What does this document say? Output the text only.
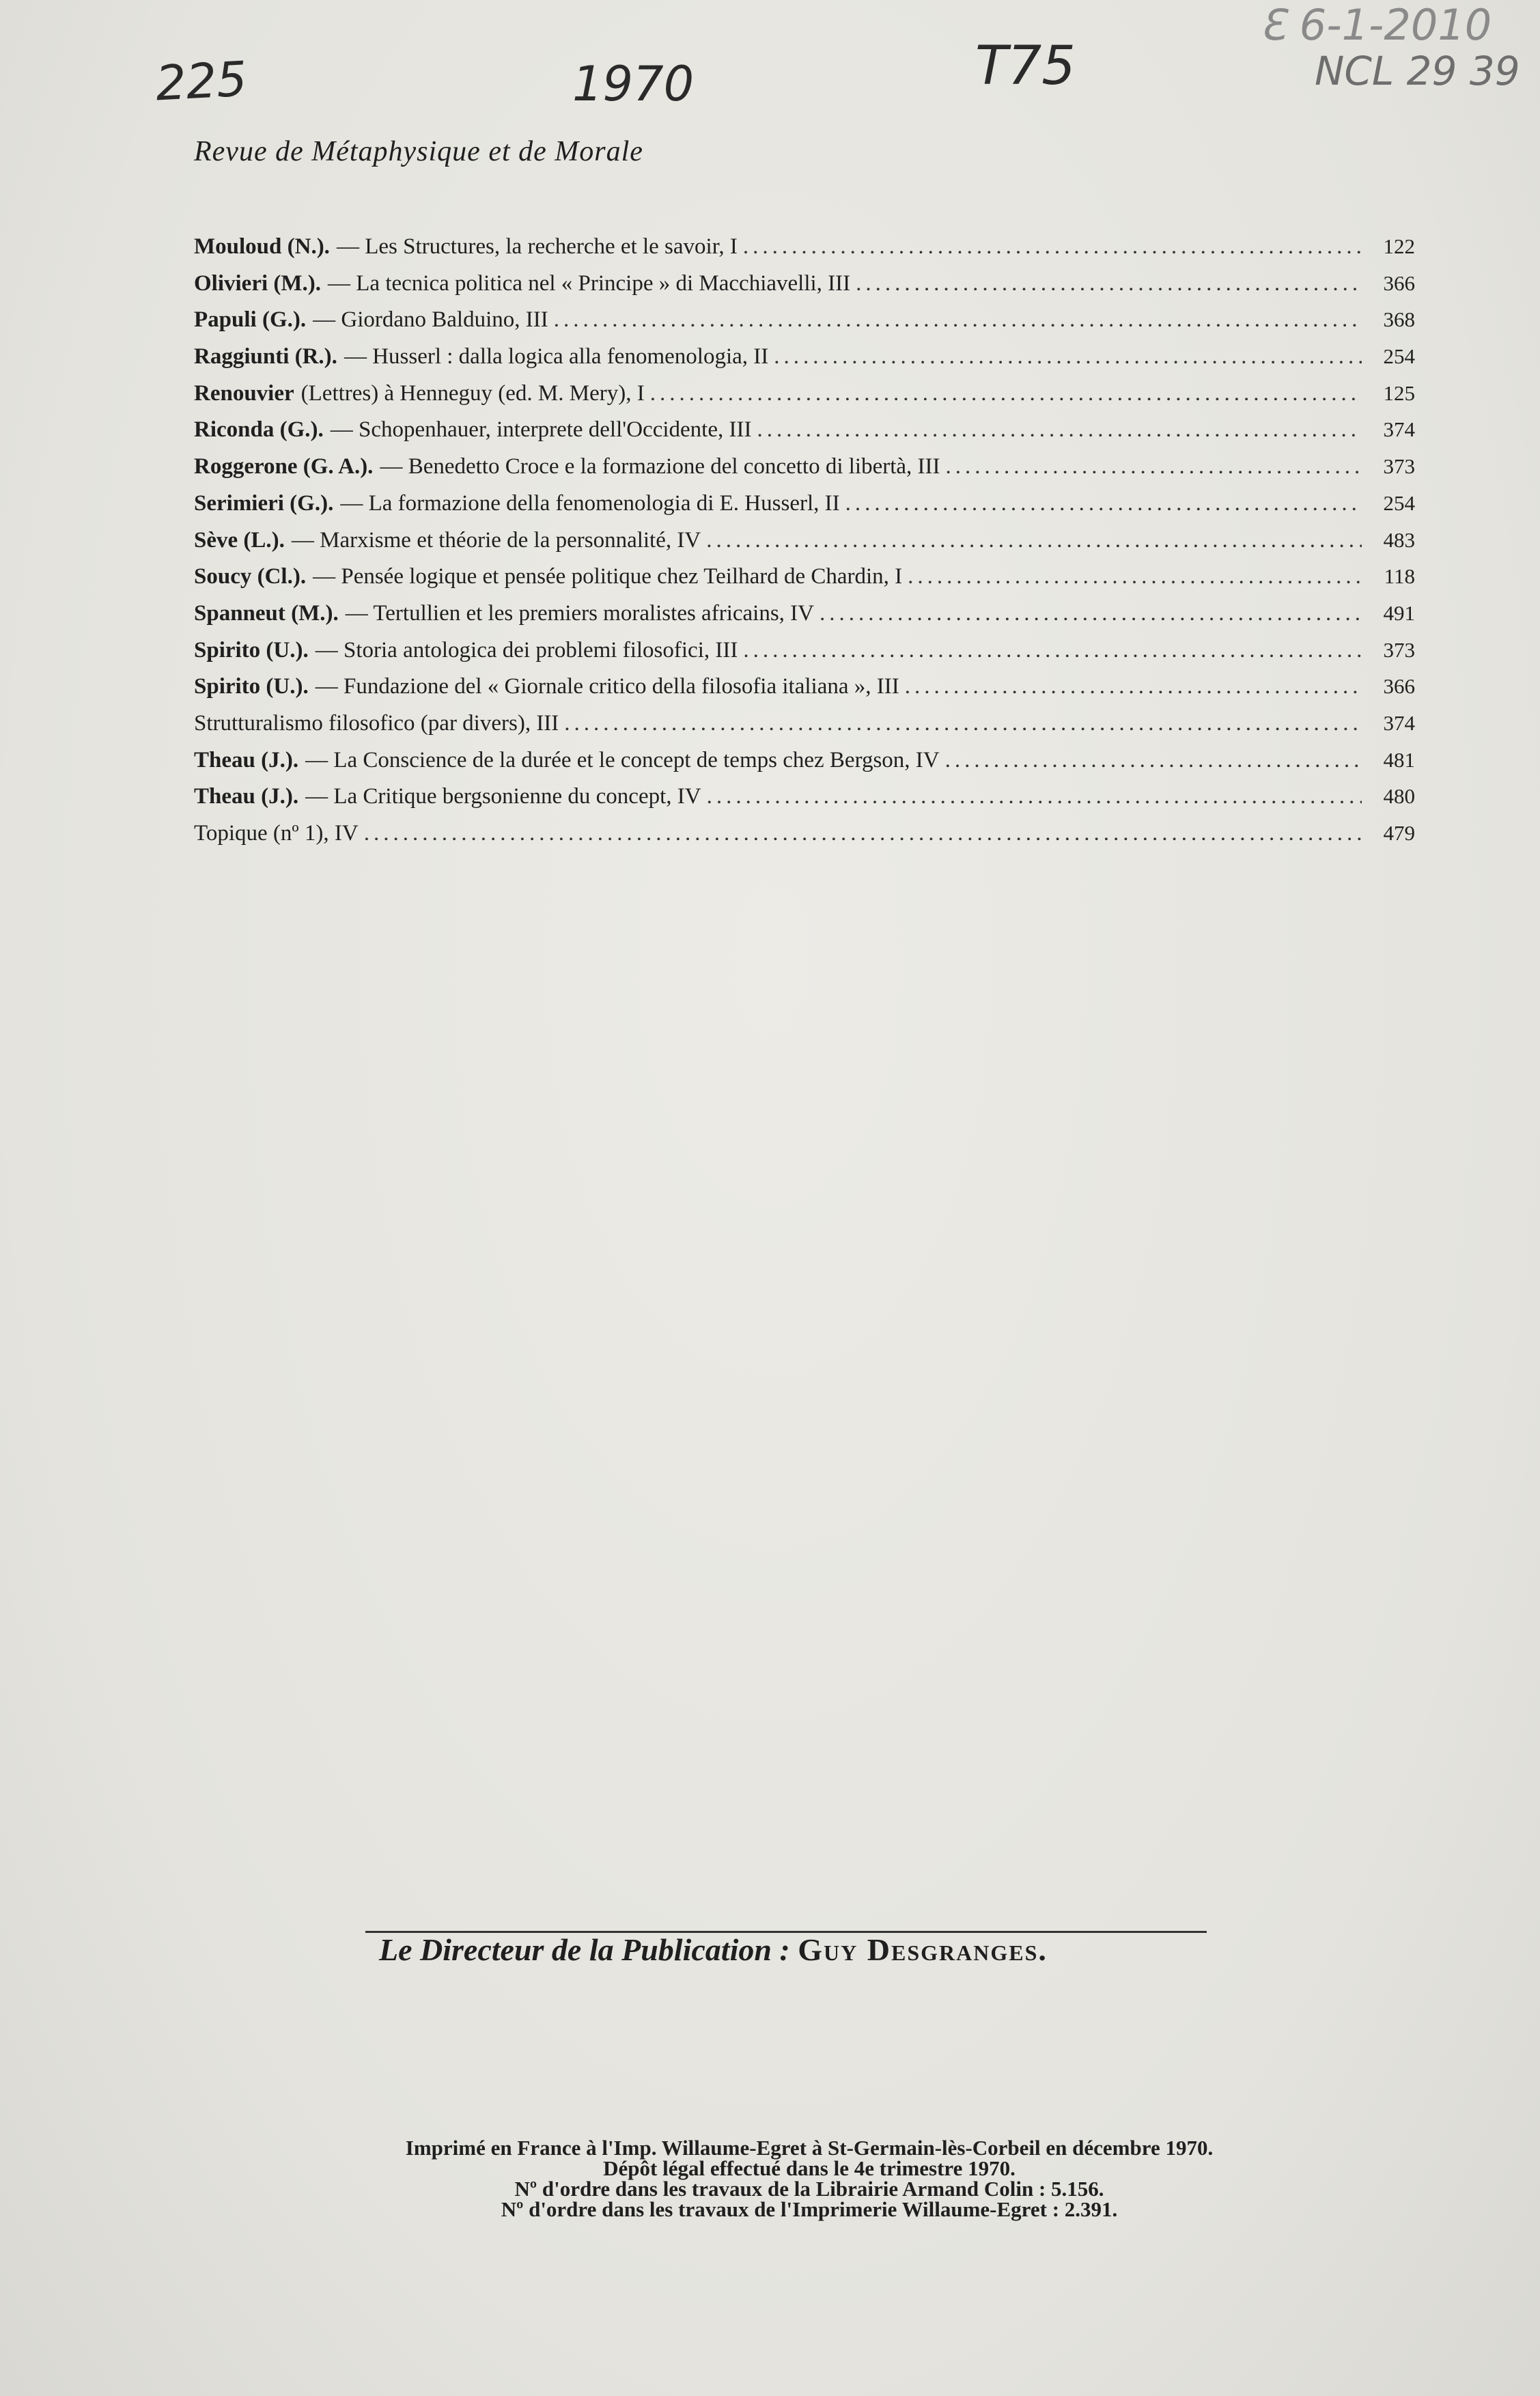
225	1970	T75
Ɛ 6-1-2010
NCL 29 39
Revue de Métaphysique et de Morale
Mouloud (N.). — Les Structures, la recherche et le savoir, I .....	122
Olivieri (M.). — La tecnica politica nel « Principe » di Macchiavelli, III .....	366
Papuli (G.). — Giordano Balduino, III .....	368
Raggiunti (R.). — Husserl : dalla logica alla fenomenologia, II .....	254
Renouvier (Lettres) à Henneguy (ed. M. Mery), I .....	125
Riconda (G.). — Schopenhauer, interprete dell'Occidente, III .....	374
Roggerone (G. A.). — Benedetto Croce e la formazione del concetto di libertà, III .....	373
Serimieri (G.). — La formazione della fenomenologia di E. Husserl, II .....	254
Sève (L.). — Marxisme et théorie de la personnalité, IV .....	483
Soucy (Cl.). — Pensée logique et pensée politique chez Teilhard de Chardin, I .....	118
Spanneut (M.). — Tertullien et les premiers moralistes africains, IV .....	491
Spirito (U.). — Storia antologica dei problemi filosofici, III .....	373
Spirito (U.). — Fundazione del « Giornale critico della filosofia italiana », III .....	366
Strutturalismo filosofico (par divers), III .....	374
Theau (J.). — La Conscience de la durée et le concept de temps chez Bergson, IV .....	481
Theau (J.). — La Critique bergsonienne du concept, IV .....	480
Topique (nº 1), IV .....	479
Le Directeur de la Publication : Guy Desgranges.
Imprimé en France à l'Imp. Willaume-Egret à St-Germain-lès-Corbeil en décembre 1970.
Dépôt légal effectué dans le 4e trimestre 1970.
Nº d'ordre dans les travaux de la Librairie Armand Colin : 5.156.
Nº d'ordre dans les travaux de l'Imprimerie Willaume-Egret : 2.391.
